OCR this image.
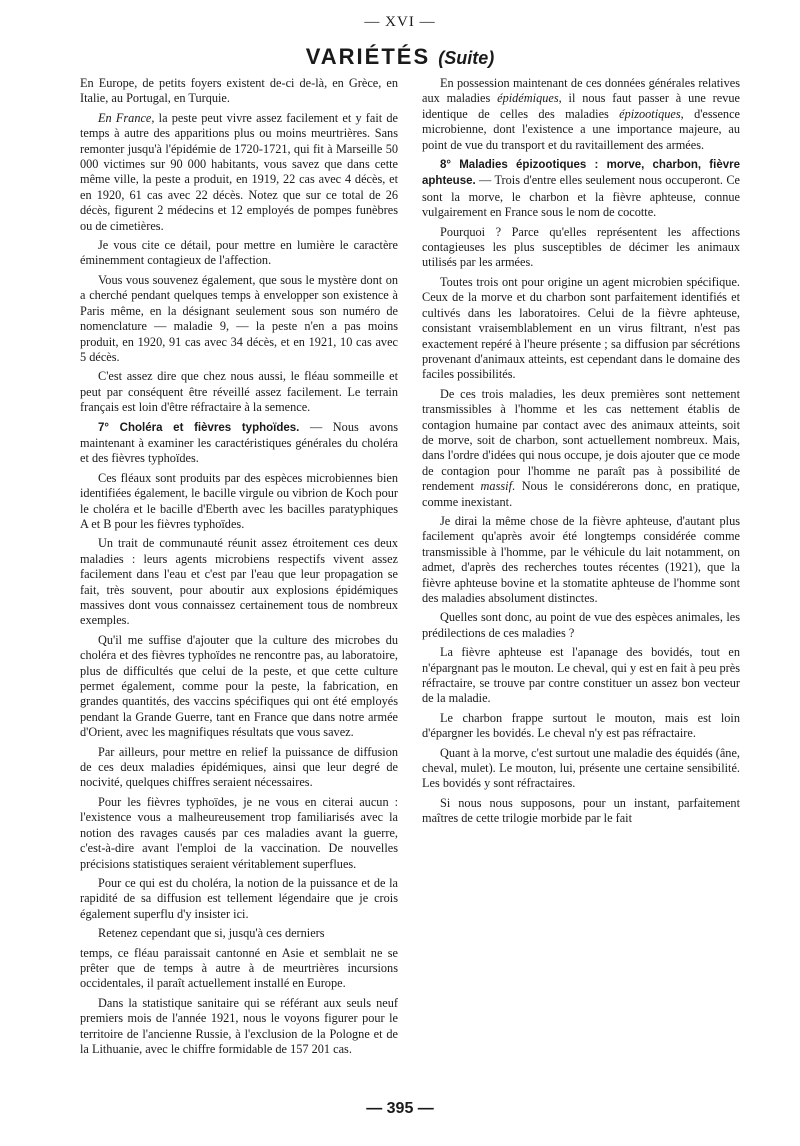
— XVI —
VARIÉTÉS (Suite)

En Europe, de petits foyers existent de-ci de-là, en Grèce, en Italie, au Portugal, en Turquie.

En France, la peste peut vivre assez facilement et y fait de temps à autre des apparitions plus ou moins meurtrières. Sans remonter jusqu'à l'épidémie de 1720-1721, qui fit à Marseille 50 000 victimes sur 90 000 habitants, vous savez que dans cette même ville, la peste a produit, en 1919, 22 cas avec 4 décès, et en 1920, 61 cas avec 22 décès. Notez que sur ce total de 26 décès, figurent 2 médecins et 12 employés de pompes funèbres ou de cimetières.

Je vous cite ce détail, pour mettre en lumière le caractère éminemment contagieux de l'affection.

Vous vous souvenez également, que sous le mystère dont on a cherché pendant quelques temps à envelopper son existence à Paris même, en la désignant seulement sous son numéro de nomenclature — maladie 9, — la peste n'en a pas moins produit, en 1920, 91 cas avec 34 décès, et en 1921, 10 cas avec 5 décès.

C'est assez dire que chez nous aussi, le fléau sommeille et peut par conséquent être réveillé assez facilement. Le terrain français est loin d'être réfractaire à la semence.

7° Choléra et fièvres typhoïdes. — Nous avons maintenant à examiner les caractéristiques générales du choléra et des fièvres typhoïdes.

Ces fléaux sont produits par des espèces microbiennes bien identifiées également, le bacille virgule ou vibrion de Koch pour le choléra et le bacille d'Eberth avec les bacilles paratyphiques A et B pour les fièvres typhoïdes.

Un trait de communauté réunit assez étroitement ces deux maladies : leurs agents microbiens respectifs vivent assez facilement dans l'eau et c'est par l'eau que leur propagation se fait, très souvent, pour aboutir aux explosions épidémiques massives dont vous connaissez certainement tous de nombreux exemples.

Qu'il me suffise d'ajouter que la culture des microbes du choléra et des fièvres typhoïdes ne rencontre pas, au laboratoire, plus de difficultés que celui de la peste, et que cette culture permet également, comme pour la peste, la fabrication, en grandes quantités, des vaccins spécifiques qui ont été employés pendant la Grande Guerre, tant en France que dans notre armée d'Orient, avec les magnifiques résultats que vous savez.

Par ailleurs, pour mettre en relief la puissance de diffusion de ces deux maladies épidémiques, ainsi que leur degré de nocivité, quelques chiffres seraient nécessaires.

Pour les fièvres typhoïdes, je ne vous en citerai aucun : l'existence vous a malheureusement trop familiarisés avec la notion des ravages causés par ces maladies avant la guerre, c'est-à-dire avant l'emploi de la vaccination. De nouvelles précisions statistiques seraient véritablement superflues.

Pour ce qui est du choléra, la notion de la puissance et de la rapidité de sa diffusion est tellement légendaire que je crois également superflu d'y insister ici.

Retenez cependant que si, jusqu'à ces derniers

temps, ce fléau paraissait cantonné en Asie et semblait ne se prêter que de temps à autre à de meurtrières incursions occidentales, il paraît actuellement installé en Europe.

Dans la statistique sanitaire qui se référant aux seuls neuf premiers mois de l'année 1921, nous le voyons figurer pour le territoire de l'ancienne Russie, à l'exclusion de la Pologne et de la Lithuanie, avec le chiffre formidable de 157 201 cas.

En possession maintenant de ces données générales relatives aux maladies épidémiques, il nous faut passer à une revue identique de celles des maladies épizootiques, d'essence microbienne, dont l'existence a une importance majeure, au point de vue du transport et du ravitaillement des armées.

8° Maladies épizootiques : morve, charbon, fièvre aphteuse. — Trois d'entre elles seulement nous occuperont. Ce sont la morve, le charbon et la fièvre aphteuse, connue vulgairement en France sous le nom de cocotte.

Pourquoi ? Parce qu'elles représentent les affections contagieuses les plus susceptibles de décimer les animaux utilisés par les armées.

Toutes trois ont pour origine un agent microbien spécifique. Ceux de la morve et du charbon sont parfaitement identifiés et cultivés dans les laboratoires. Celui de la fièvre aphteuse, consistant vraisemblablement en un virus filtrant, n'est pas exactement repéré à l'heure présente ; sa diffusion par sécrétions provenant d'animaux atteints, est cependant dans le domaine des faciles possibilités.

De ces trois maladies, les deux premières sont nettement transmissibles à l'homme et les cas nettement établis de contagion humaine par contact avec des animaux atteints, soit de morve, soit de charbon, sont actuellement nombreux. Mais, dans l'ordre d'idées qui nous occupe, je dois ajouter que ce mode de contagion pour l'homme ne paraît pas à possibilité de rendement massif. Nous le considérerons donc, en pratique, comme inexistant.

Je dirai la même chose de la fièvre aphteuse, d'autant plus facilement qu'après avoir été longtemps considérée comme transmissible à l'homme, par le véhicule du lait notamment, on admet, d'après des recherches toutes récentes (1921), que la fièvre aphteuse bovine et la stomatite aphteuse de l'homme sont des maladies absolument distinctes.

Quelles sont donc, au point de vue des espèces animales, les prédilections de ces maladies ?

La fièvre aphteuse est l'apanage des bovidés, tout en n'épargnant pas le mouton. Le cheval, qui y est en fait à peu près réfractaire, se trouve par contre constituer un assez bon vecteur de la maladie.

Le charbon frappe surtout le mouton, mais est loin d'épargner les bovidés. Le cheval n'y est pas réfractaire.

Quant à la morve, c'est surtout une maladie des équidés (âne, cheval, mulet). Le mouton, lui, présente une certaine sensibilité. Les bovidés y sont réfractaires.

Si nous nous supposons, pour un instant, parfaitement maîtres de cette trilogie morbide par le fait

— 395 —
